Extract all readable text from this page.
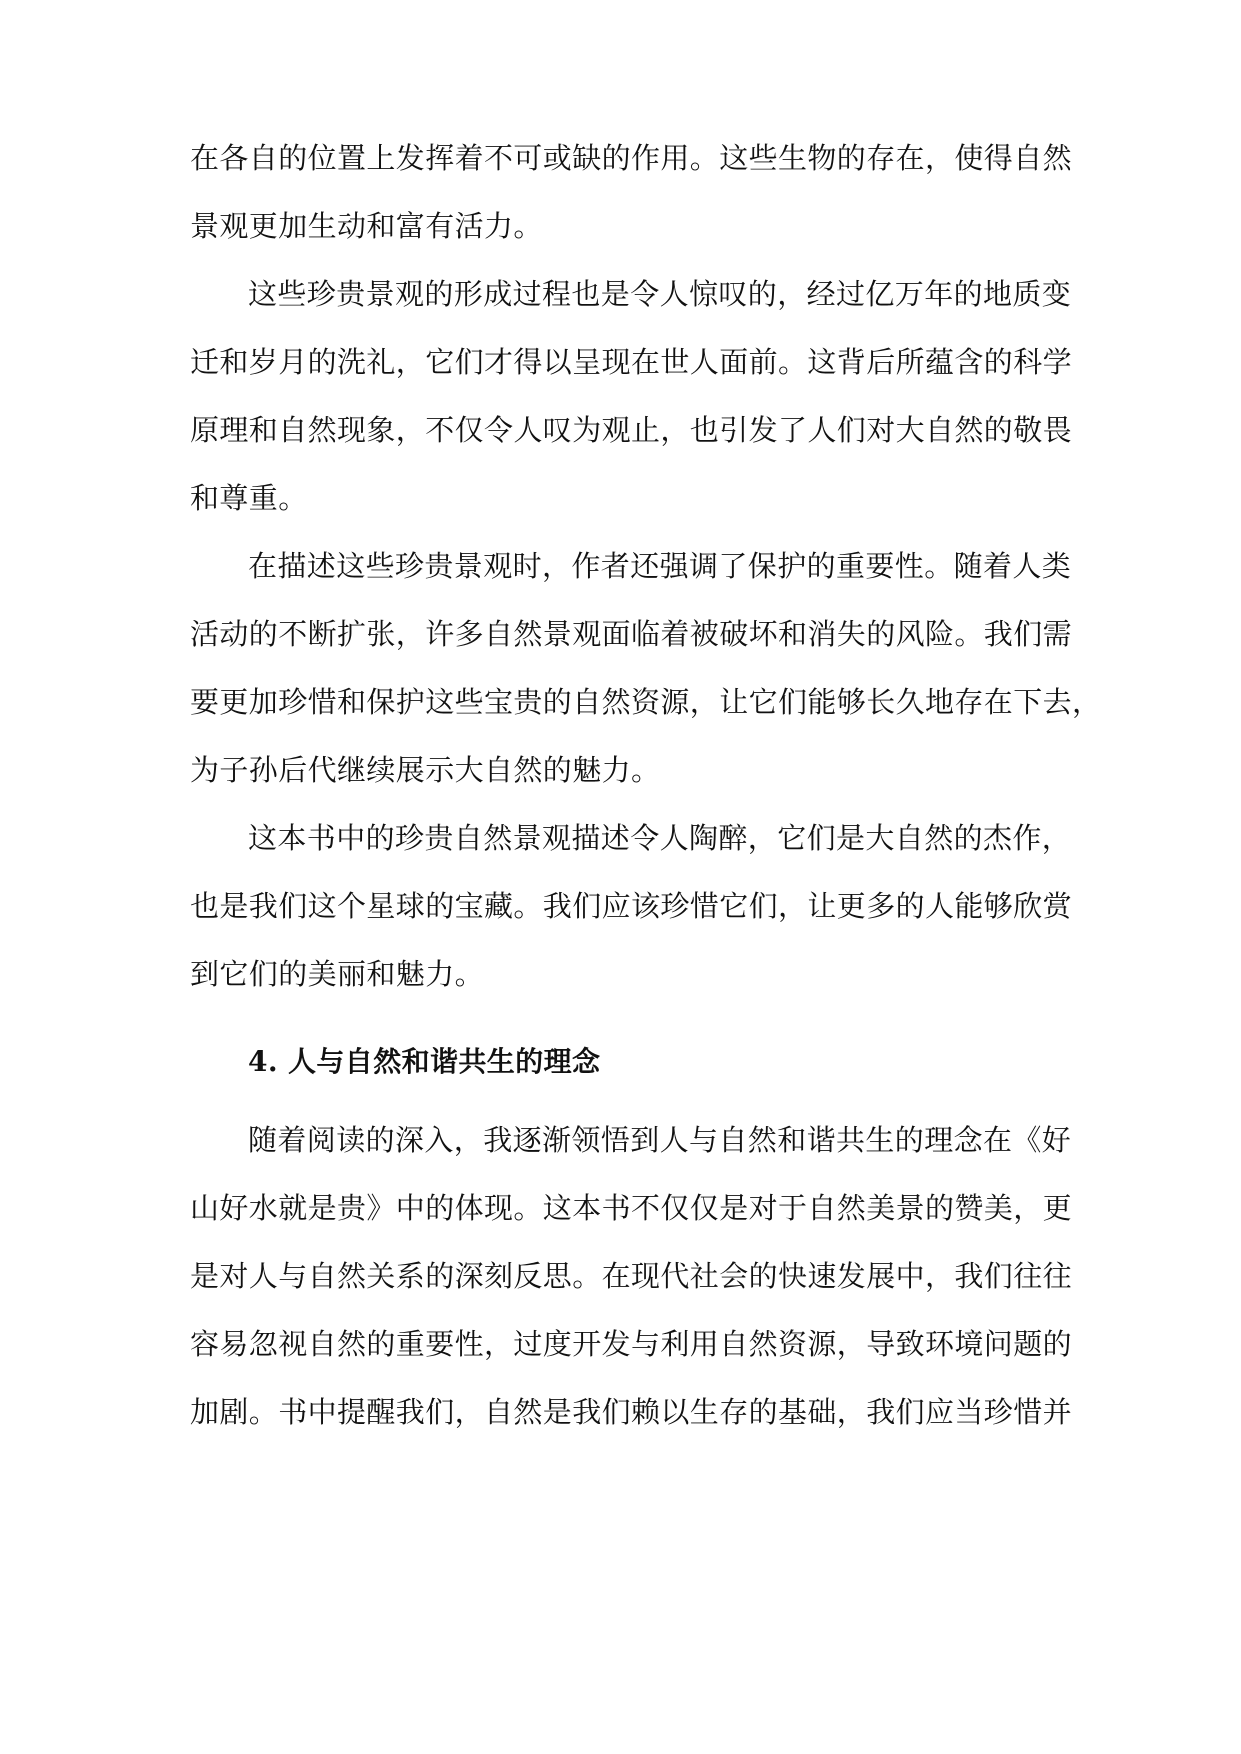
在各自的位置上发挥着不可或缺的作用。这些生物的存在，使得自然
景观更加生动和富有活力。
这些珍贵景观的形成过程也是令人惊叹的，经过亿万年的地质变
迁和岁月的洗礼，它们才得以呈现在世人面前。这背后所蕴含的科学
原理和自然现象，不仅令人叹为观止，也引发了人们对大自然的敬畏
和尊重。
在描述这些珍贵景观时，作者还强调了保护的重要性。随着人类
活动的不断扩张，许多自然景观面临着被破坏和消失的风险。我们需
要更加珍惜和保护这些宝贵的自然资源，让它们能够长久地存在下去，
为子孙后代继续展示大自然的魅力。
这本书中的珍贵自然景观描述令人陶醉，它们是大自然的杰作，
也是我们这个星球的宝藏。我们应该珍惜它们，让更多的人能够欣赏
到它们的美丽和魅力。
4. 人与自然和谐共生的理念
随着阅读的深入，我逐渐领悟到人与自然和谐共生的理念在《好
山好水就是贵》中的体现。这本书不仅仅是对于自然美景的赞美，更
是对人与自然关系的深刻反思。在现代社会的快速发展中，我们往往
容易忽视自然的重要性，过度开发与利用自然资源，导致环境问题的
加剧。书中提醒我们，自然是我们赖以生存的基础，我们应当珍惜并
